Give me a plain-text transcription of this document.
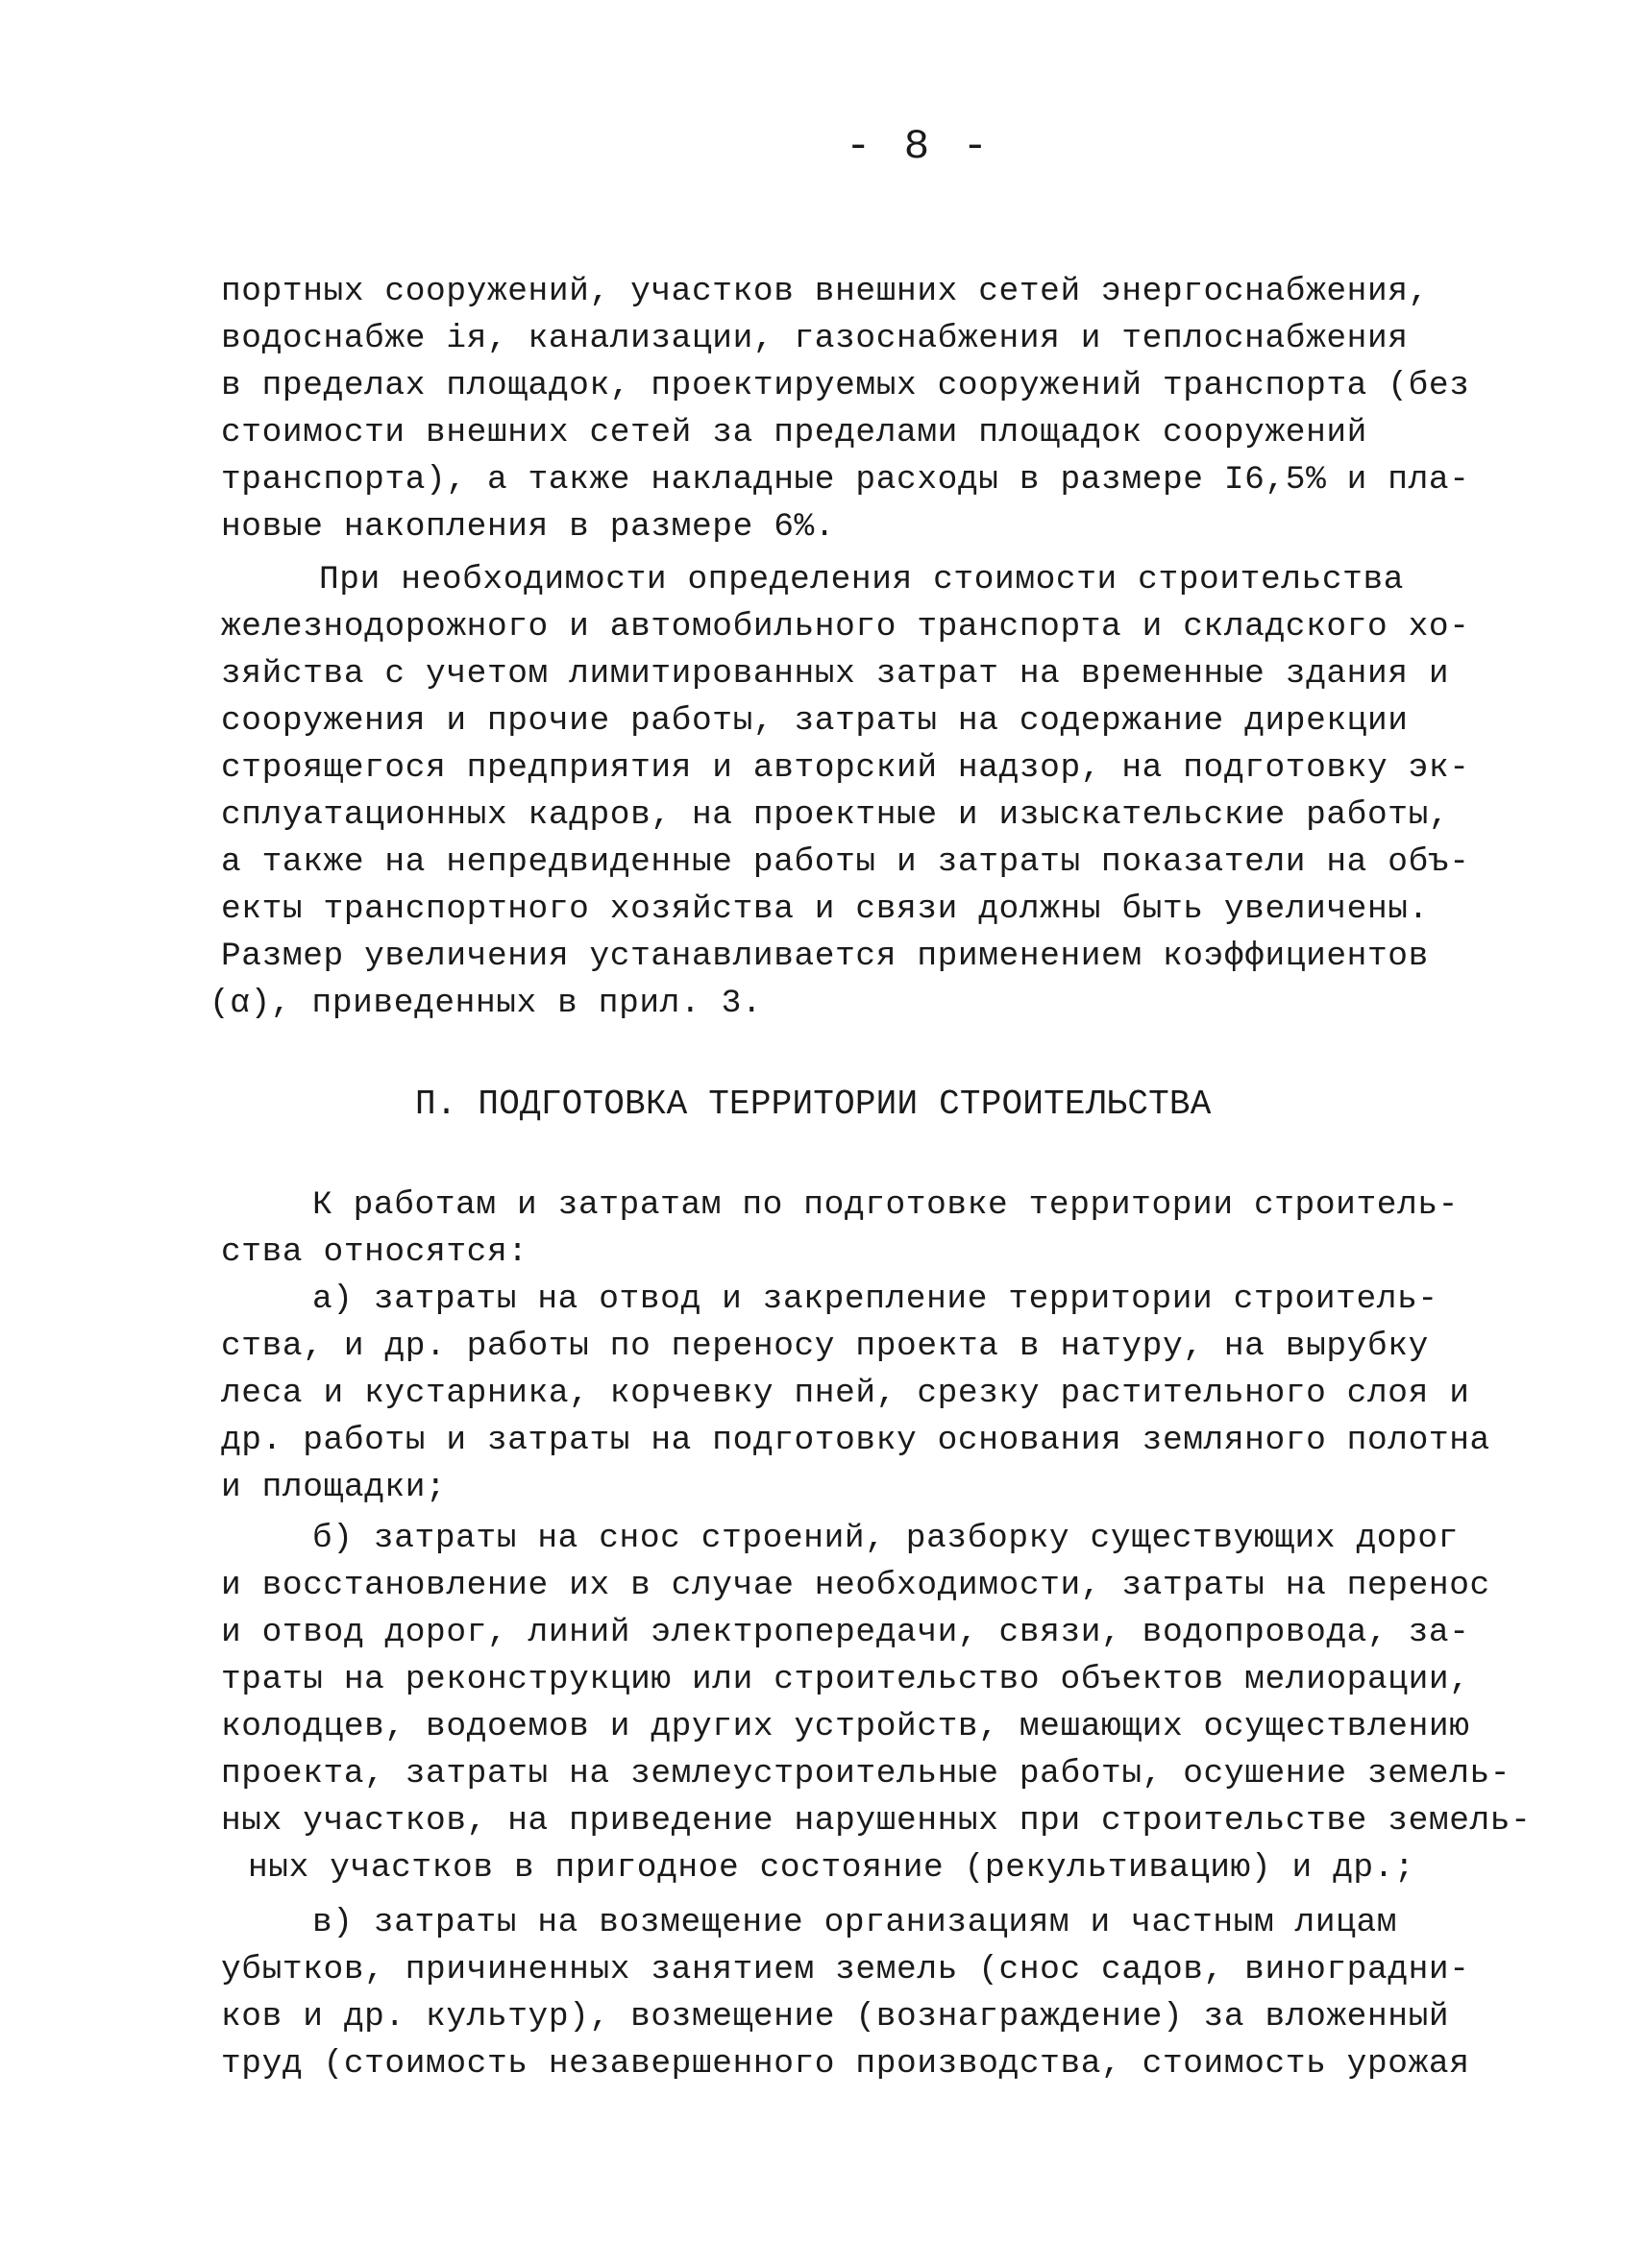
- 8 -
портных сооружений, участков внешних сетей энергоснабжения,
водоснабже ія, канализации, газоснабжения и теплоснабжения
в пределах площадок, проектируемых сооружений транспорта (без
стоимости внешних сетей за пределами площадок сооружений
транспорта), а также накладные расходы в размере I6,5% и пла-
новые накопления в размере 6%.
При необходимости определения стоимости строительства
железнодорожного и автомобильного транспорта и складского хо-
зяйства с учетом лимитированных затрат на временные здания и
сооружения и прочие работы, затраты на содержание дирекции
строящегося предприятия и авторский надзор, на подготовку эк-
сплуатационных кадров, на проектные и изыскательские работы,
а также на непредвиденные работы и затраты показатели на объ-
екты транспортного хозяйства и связи должны быть увеличены.
Размер увеличения устанавливается применением коэффициентов
(α), приведенных в прил. 3.
П. ПОДГОТОВКА ТЕРРИТОРИИ СТРОИТЕЛЬСТВА
К работам и затратам по подготовке территории строитель-
ства относятся:
а) затраты на отвод и закрепление территории строитель-
ства, и др. работы по переносу проекта в натуру, на вырубку
леса и кустарника, корчевку пней, срезку растительного слоя и
др. работы и затраты на подготовку основания земляного полотна
и площадки;
б) затраты на снос строений, разборку существующих дорог
и восстановление их в случае необходимости, затраты на перенос
и отвод дорог, линий электропередачи, связи, водопровода, за-
траты на реконструкцию или строительство объектов мелиорации,
колодцев, водоемов и других устройств, мешающих осуществлению
проекта, затраты на землеустроительные работы, осушение земель-
ных участков, на приведение нарушенных при строительстве земель-
ных участков в пригодное состояние (рекультивацию) и др.;
в) затраты на возмещение организациям и частным лицам
убытков, причиненных занятием земель (снос садов, виноградни-
ков и др. культур), возмещение (вознаграждение) за вложенный
труд (стоимость незавершенного производства, стоимость урожая
